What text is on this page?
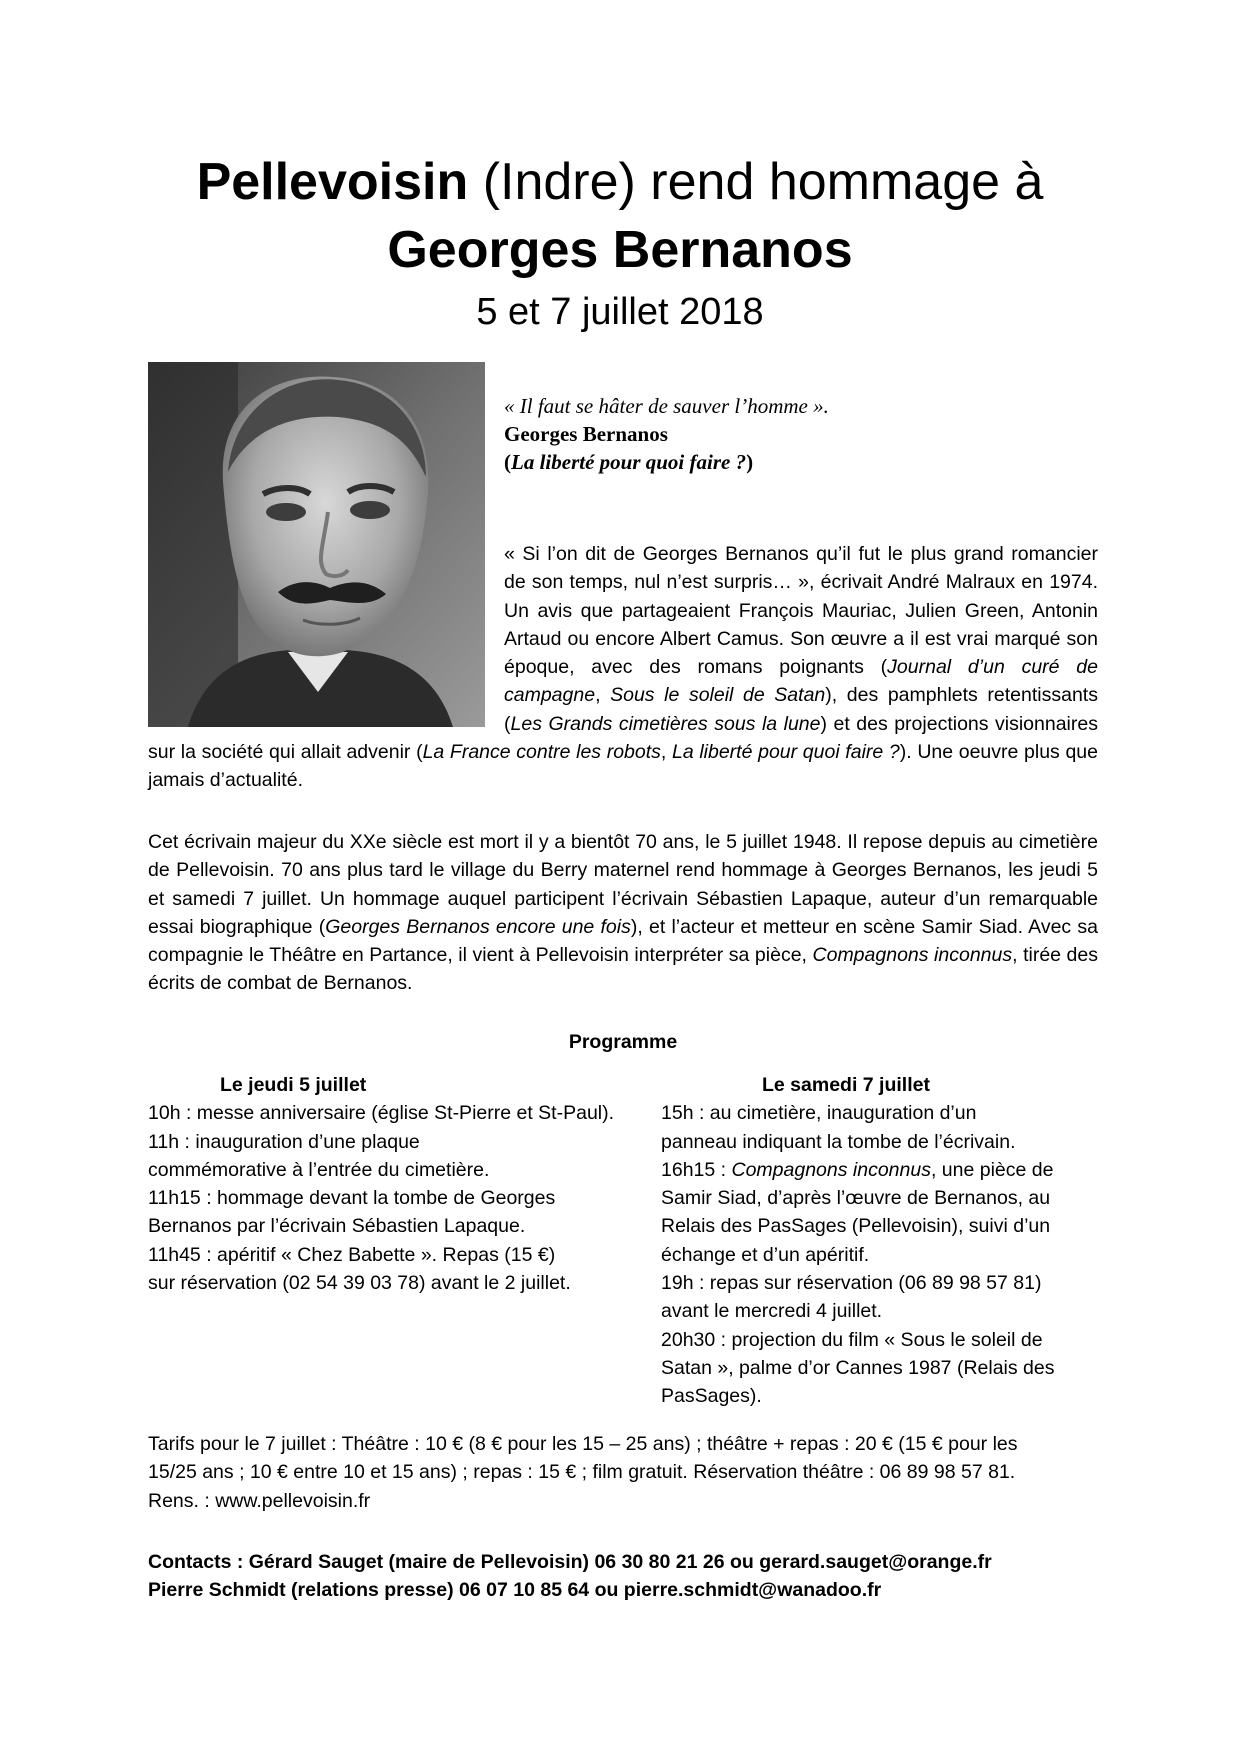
Pellevoisin (Indre) rend hommage à
Georges Bernanos
5 et 7 juillet 2018
« Il faut se hâter de sauver l’homme ».
Georges Bernanos
(La liberté pour quoi faire ?)
« Si l’on dit de Georges Bernanos qu’il fut le plus grand romancier de son temps, nul n’est surpris… », écrivait André Malraux en 1974. Un avis que partageaient François Mauriac, Julien Green, Antonin Artaud ou encore Albert Camus. Son œuvre a il est vrai marqué son époque, avec des romans poignants (Journal d’un curé de campagne, Sous le soleil de Satan), des pamphlets retentissants (Les Grands cimetières sous la lune) et des projections visionnaires sur la société qui allait advenir (La France contre les robots, La liberté pour quoi faire ?). Une oeuvre plus que jamais d’actualité.
Cet écrivain majeur du XXe siècle est mort il y a bientôt 70 ans, le 5 juillet 1948. Il repose depuis au cimetière de Pellevoisin. 70 ans plus tard le village du Berry maternel rend hommage à Georges Bernanos, les jeudi 5 et samedi 7 juillet. Un hommage auquel participent l’écrivain Sébastien Lapaque, auteur d’un remarquable essai biographique (Georges Bernanos encore une fois), et l’acteur et metteur en scène Samir Siad. Avec sa compagnie le Théâtre en Partance, il vient à Pellevoisin interpréter sa pièce, Compagnons inconnus, tirée des écrits de combat de Bernanos.
Programme
Le jeudi 5 juillet
10h : messe anniversaire (église St-Pierre et St-Paul).
11h : inauguration d’une plaque
commémorative à l’entrée du cimetière.
11h15 : hommage devant la tombe de Georges
Bernanos par l’écrivain Sébastien Lapaque.
11h45 : apéritif « Chez Babette ». Repas (15 €)
sur réservation (02 54 39 03 78) avant le 2 juillet.
Le samedi 7 juillet
15h : au cimetière, inauguration d’un
panneau indiquant la tombe de l’écrivain.
16h15 : Compagnons inconnus, une pièce de
Samir Siad, d’après l’œuvre de Bernanos, au
Relais des PasSages (Pellevoisin), suivi d’un
échange et d’un apéritif.
19h : repas sur réservation (06 89 98 57 81)
avant le mercredi 4 juillet.
20h30 : projection du film « Sous le soleil de
Satan », palme d’or Cannes 1987 (Relais des
PasSages).
Tarifs pour le 7 juillet : Théâtre : 10 € (8 € pour les 15 – 25 ans) ; théâtre + repas : 20 € (15 € pour les
15/25 ans ; 10 € entre 10 et 15 ans) ; repas : 15 € ; film gratuit. Réservation théâtre : 06 89 98 57 81.
Rens. : www.pellevoisin.fr
Contacts : Gérard Sauget (maire de Pellevoisin) 06 30 80 21 26 ou gerard.sauget@orange.fr
Pierre Schmidt (relations presse) 06 07 10 85 64 ou pierre.schmidt@wanadoo.fr
